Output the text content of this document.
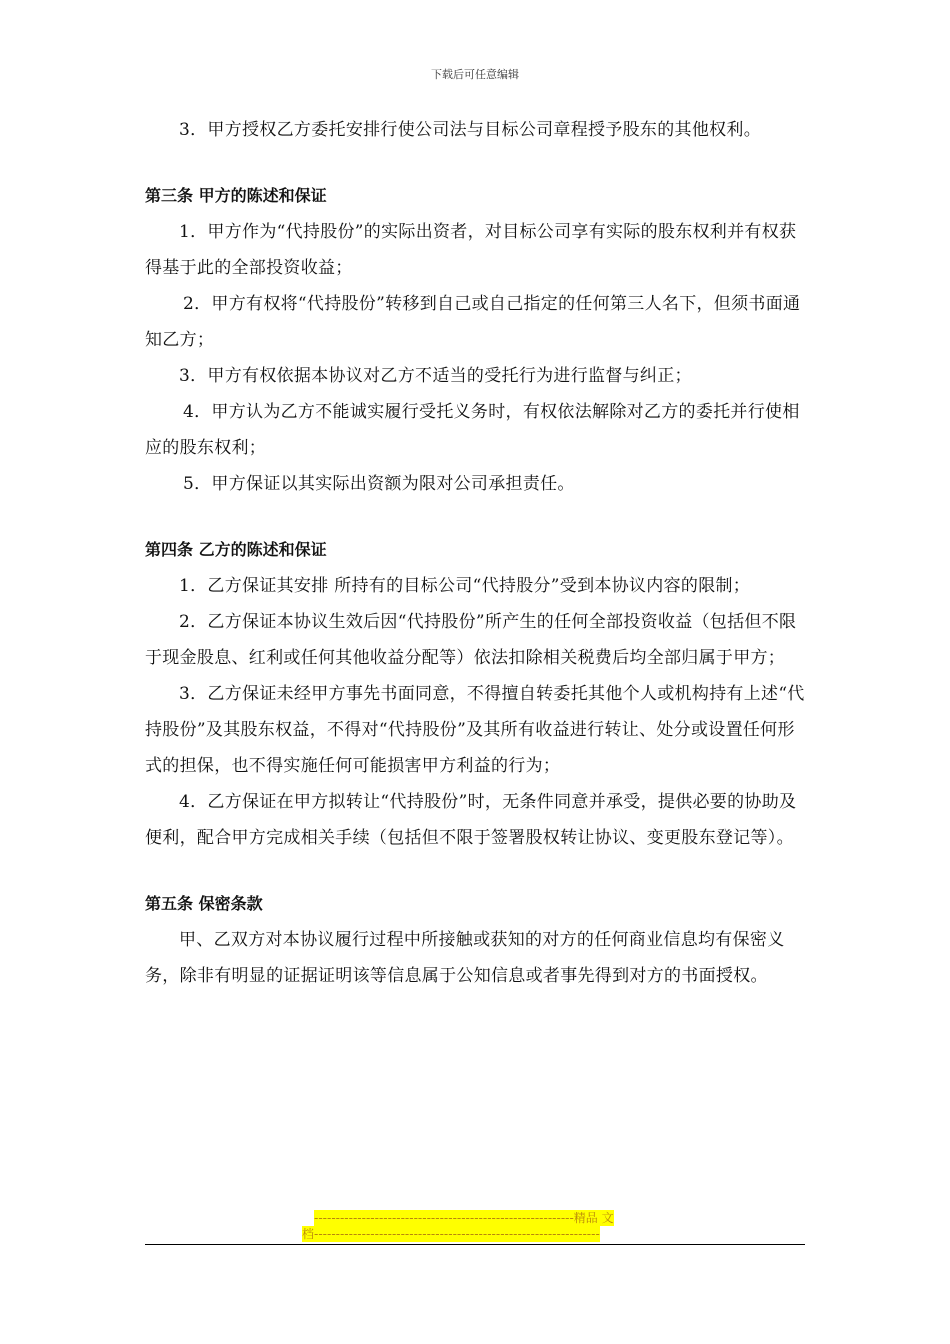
下载后可任意编辑

3．甲方授权乙方委托安排行使公司法与目标公司章程授予股东的其他权利。

第三条 甲方的陈述和保证

1．甲方作为“代持股份”的实际出资者，对目标公司享有实际的股东权利并有权获得基于此的全部投资收益；

2．甲方有权将“代持股份”转移到自己或自己指定的任何第三人名下，但须书面通知乙方；

3．甲方有权依据本协议对乙方不适当的受托行为进行监督与纠正；

4．甲方认为乙方不能诚实履行受托义务时，有权依法解除对乙方的委托并行使相应的股东权利；

5．甲方保证以其实际出资额为限对公司承担责任。

第四条 乙方的陈述和保证

1．乙方保证其安排 所持有的目标公司“代持股分”受到本协议内容的限制；

2．乙方保证本协议生效后因“代持股份”所产生的任何全部投资收益（包括但不限于现金股息、红利或任何其他收益分配等）依法扣除相关税费后均全部归属于甲方；

3．乙方保证未经甲方事先书面同意，不得擅自转委托其他个人或机构持有上述“代持股份”及其股东权益，不得对“代持股份”及其所有收益进行转让、处分或设置任何形式的担保，也不得实施任何可能损害甲方利益的行为；

4．乙方保证在甲方拟转让“代持股份”时，无条件同意并承受，提供必要的协助及便利，配合甲方完成相关手续（包括但不限于签署股权转让协议、变更股东登记等）。

第五条 保密条款

甲、乙双方对本协议履行过程中所接触或获知的对方的任何商业信息均有保密义务，除非有明显的证据证明该等信息属于公知信息或者事先得到对方的书面授权。

------------------------------------------------------------精品 文
档------------------------------------------------------------------
